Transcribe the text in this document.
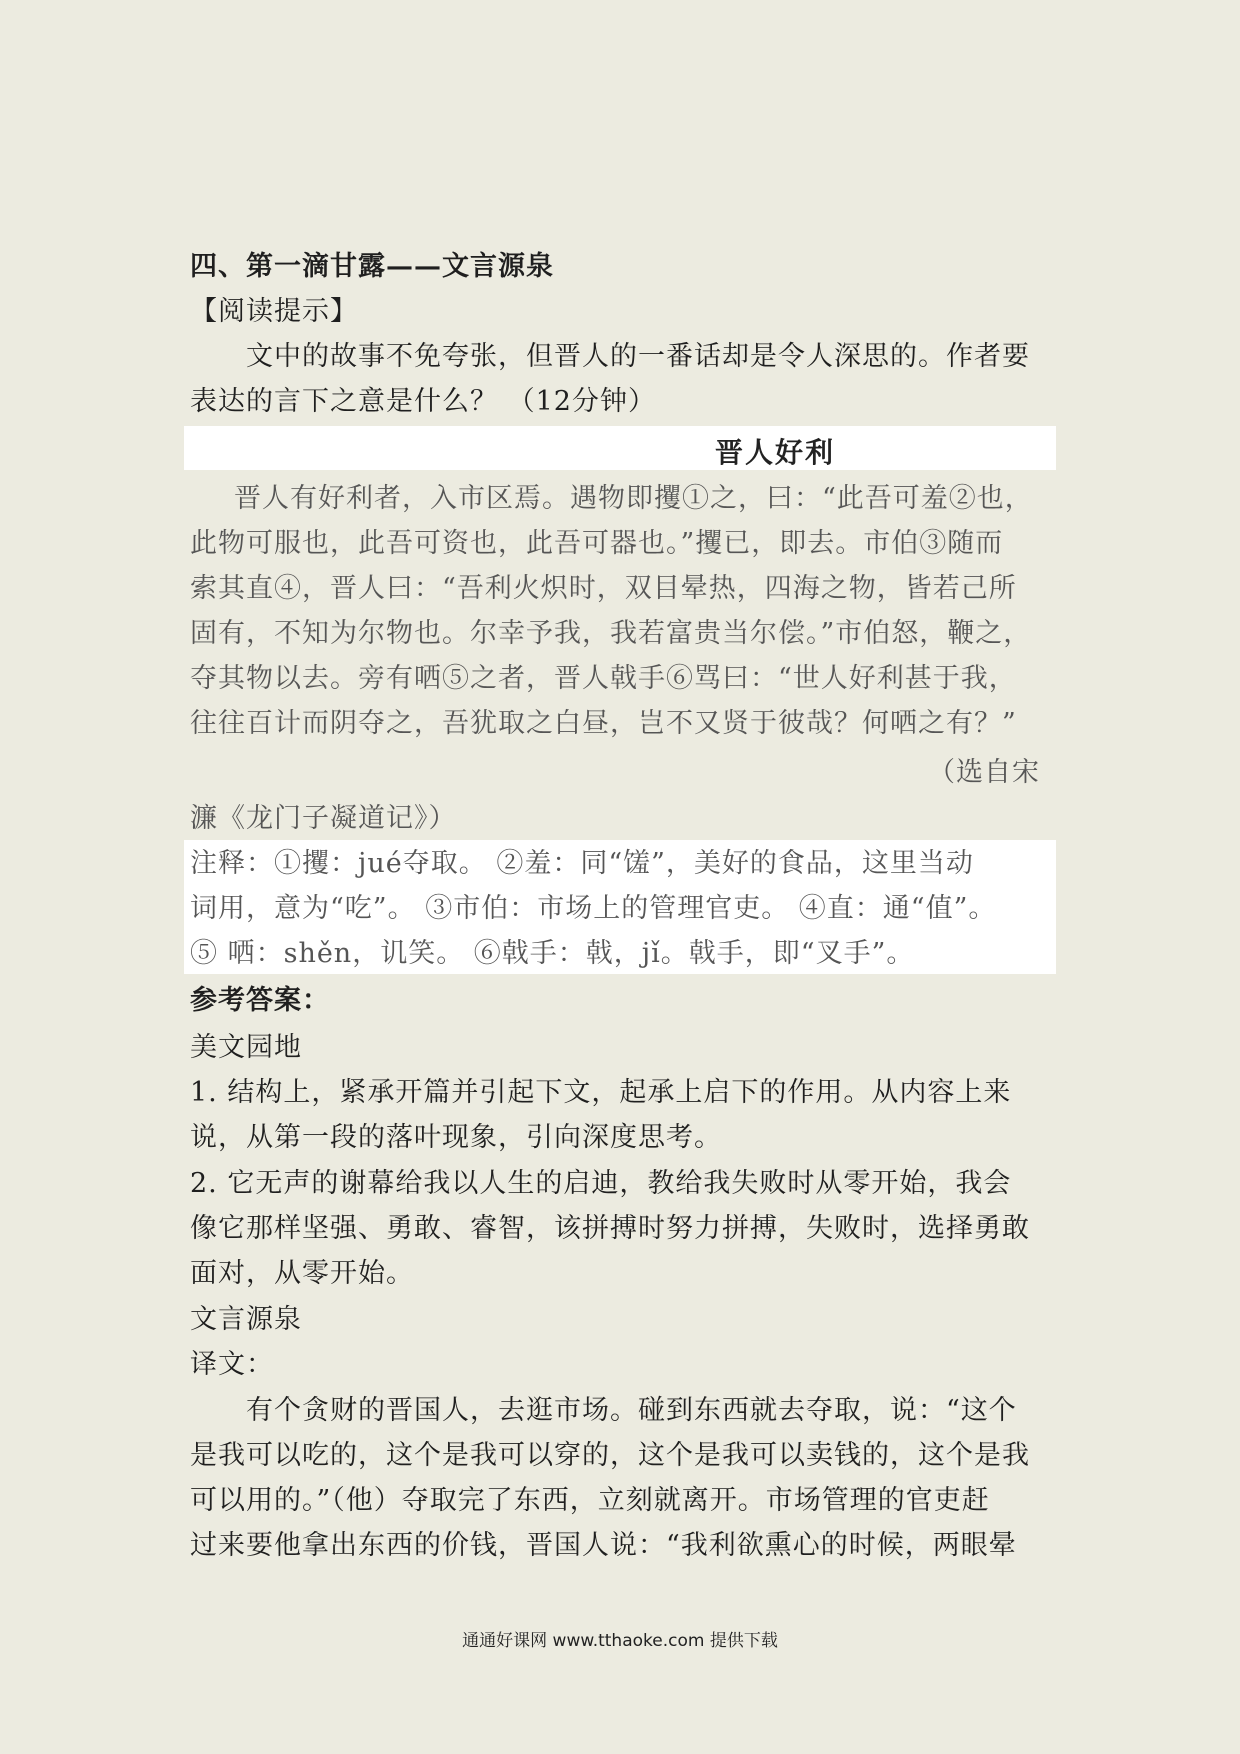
四、第一滴甘露——文言源泉
【阅读提示】
文中的故事不免夸张，但晋人的一番话却是令人深思的。作者要
表达的言下之意是什么？ （12分钟）
晋人好利
晋人有好利者，入市区焉。遇物即攫①之，曰：“此吾可羞②也，
此物可服也，此吾可资也，此吾可器也。”攫已，即去。市伯③随而
索其直④，晋人曰：“吾利火炽时，双目晕热，四海之物，皆若己所
固有，不知为尔物也。尔幸予我，我若富贵当尔偿。”市伯怒，鞭之，
夺其物以去。旁有哂⑤之者，晋人戟手⑥骂曰：“世人好利甚于我，
往往百计而阴夺之，吾犹取之白昼，岂不又贤于彼哉？何哂之有？”
（选自宋
濂《龙门子凝道记》）
注释：①攫：jué夺取。 ②羞：同“馐”，美好的食品，这里当动
词用，意为“吃”。 ③市伯：市场上的管理官吏。 ④直：通“值”。
⑤ 哂：shěn，讥笑。 ⑥戟手：戟，jǐ。戟手，即“叉手”。
参考答案：
美文园地
1. 结构上，紧承开篇并引起下文，起承上启下的作用。从内容上来
说，从第一段的落叶现象，引向深度思考。
2. 它无声的谢幕给我以人生的启迪，教给我失败时从零开始，我会
像它那样坚强、勇敢、睿智，该拼搏时努力拼搏，失败时，选择勇敢
面对，从零开始。
文言源泉
译文：
有个贪财的晋国人，去逛市场。碰到东西就去夺取，说：“这个
是我可以吃的，这个是我可以穿的，这个是我可以卖钱的，这个是我
可以用的。”（他）夺取完了东西，立刻就离开。市场管理的官吏赶
过来要他拿出东西的价钱，晋国人说：“我利欲熏心的时候，两眼晕
通通好课网 www.tthaoke.com 提供下载
